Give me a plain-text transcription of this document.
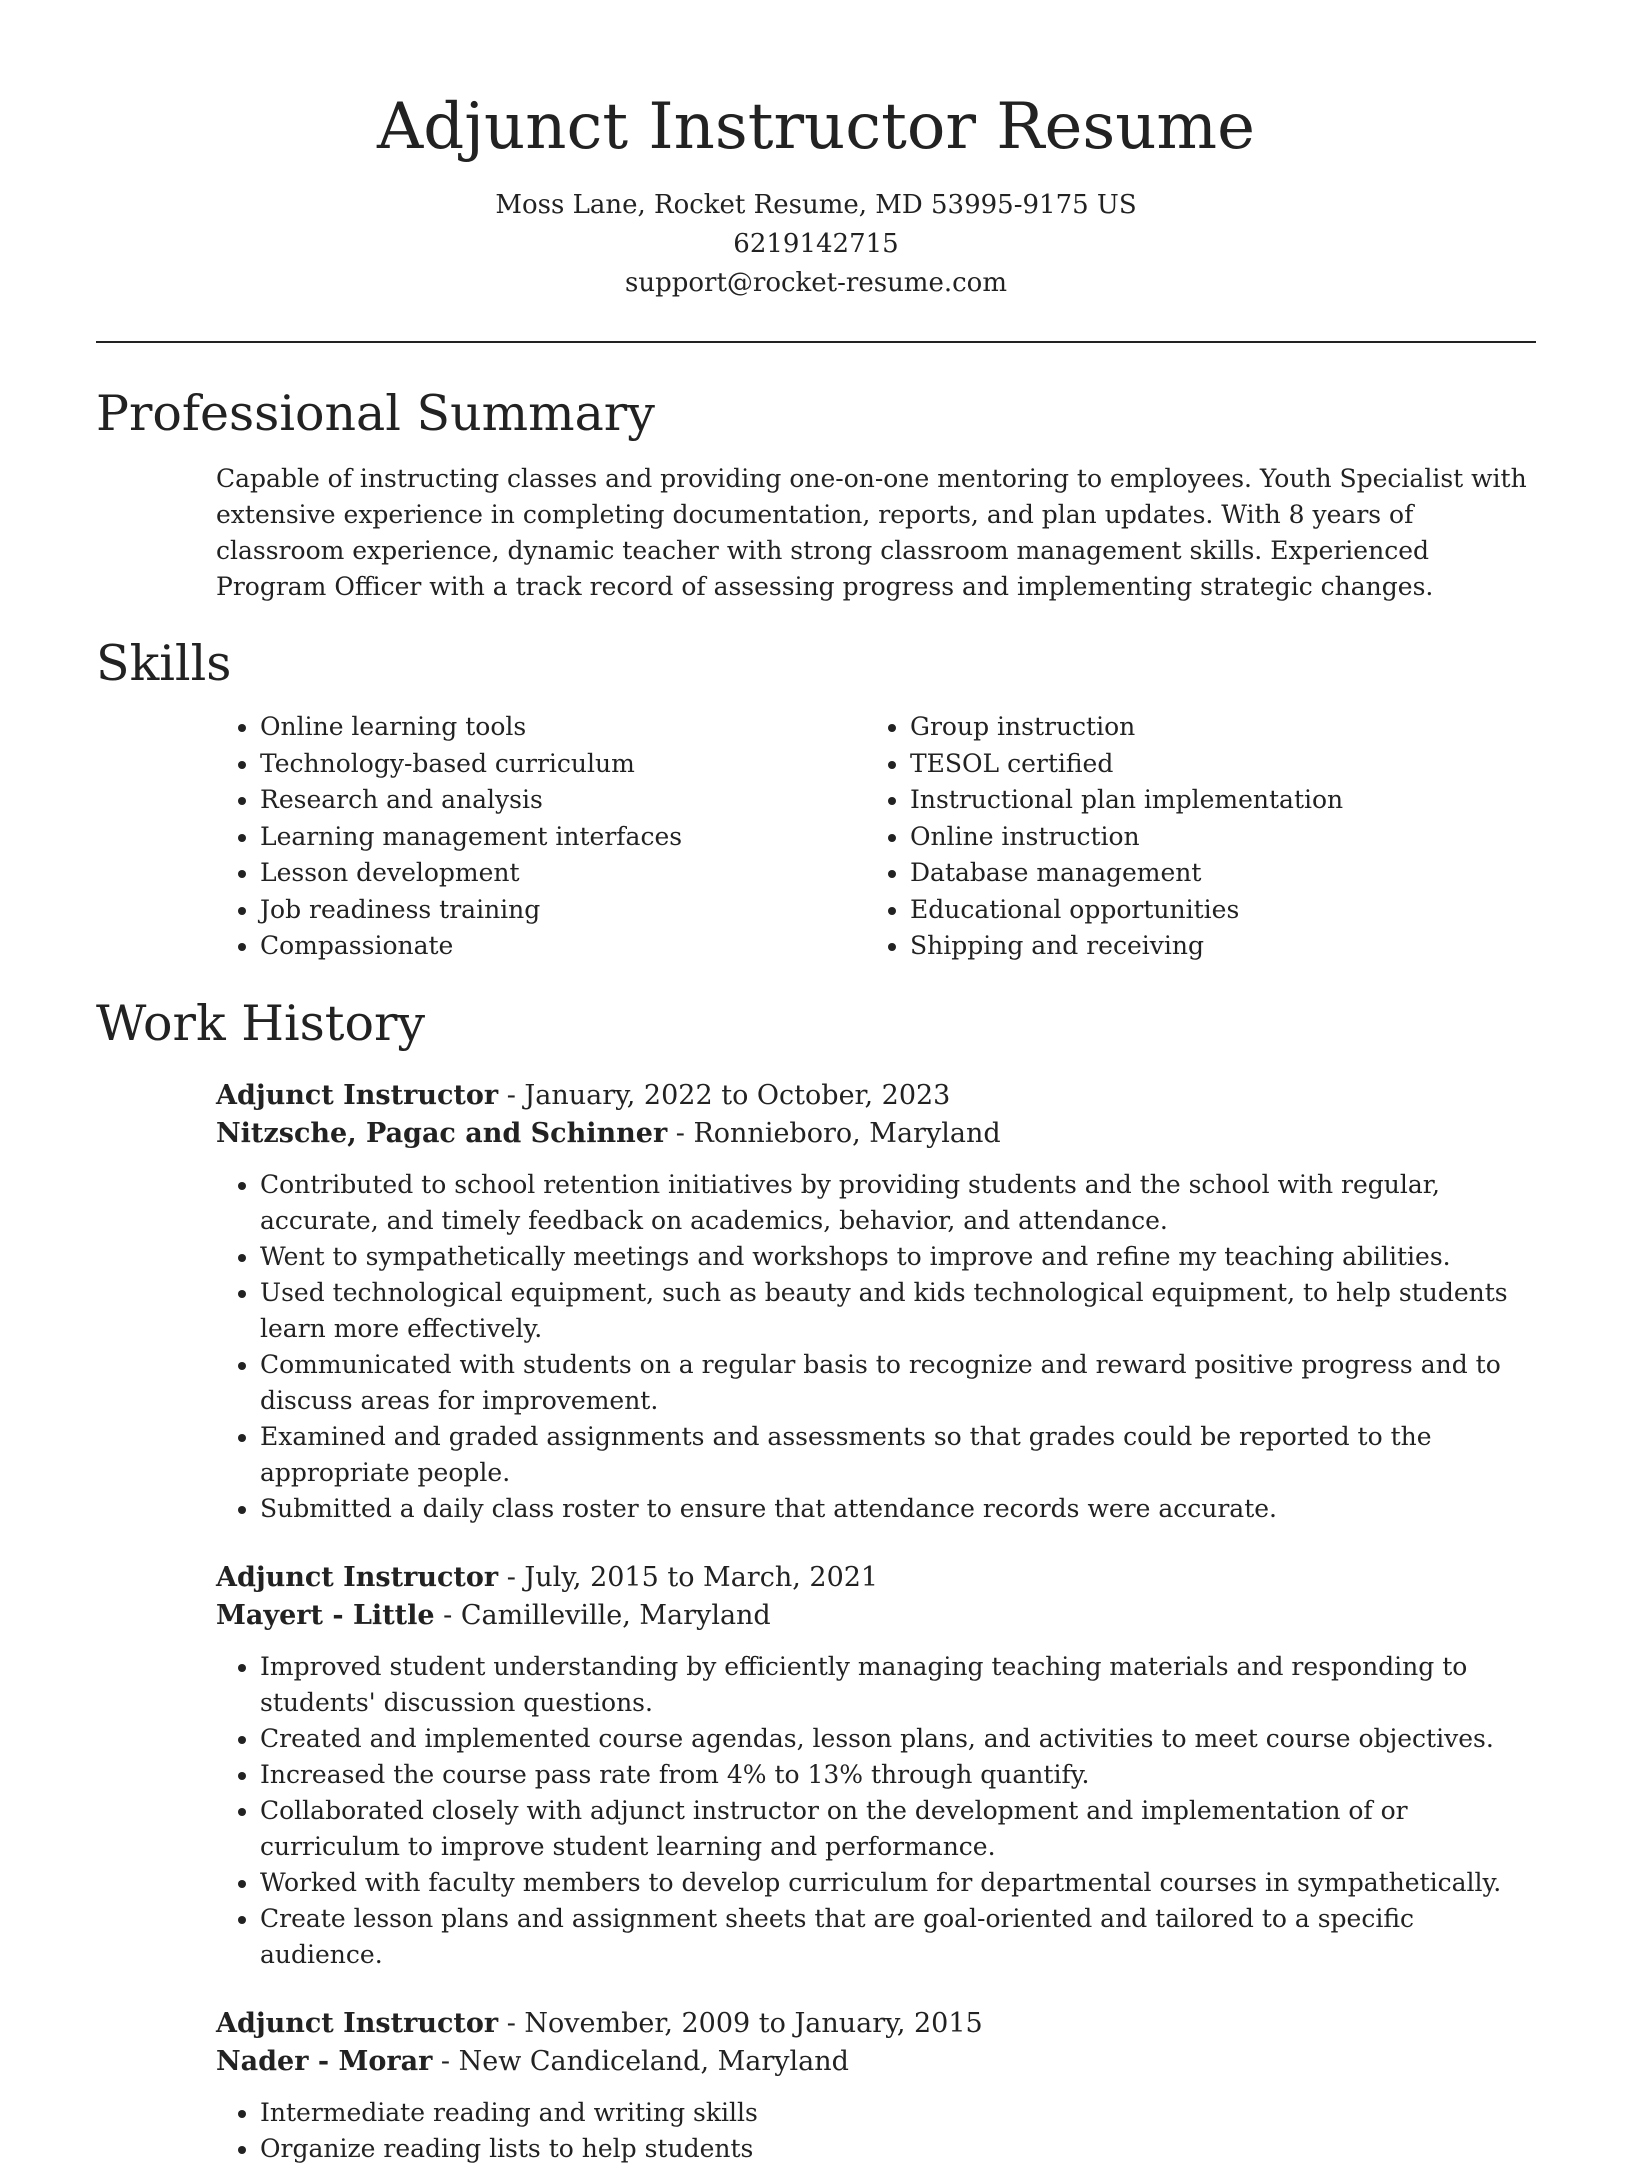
Adjunct Instructor Resume
Moss Lane, Rocket Resume, MD 53995-9175 US
6219142715
support@rocket-resume.com
Professional Summary

Capable of instructing classes and providing one-on-one mentoring to employees. Youth Specialist with extensive experience in completing documentation, reports, and plan updates. With 8 years of classroom experience, dynamic teacher with strong classroom management skills. Experienced Program Officer with a track record of assessing progress and implementing strategic changes.

Skills
• Online learning tools
• Technology-based curriculum
• Research and analysis
• Learning management interfaces
• Lesson development
• Job readiness training
• Compassionate
• Group instruction
• TESOL certified
• Instructional plan implementation
• Online instruction
• Database management
• Educational opportunities
• Shipping and receiving
Work History
Adjunct Instructor - January, 2022 to October, 2023
Nitzsche, Pagac and Schinner - Ronnieboro, Maryland
• Contributed to school retention initiatives by providing students and the school with regular, accurate, and timely feedback on academics, behavior, and attendance.
• Went to sympathetically meetings and workshops to improve and refine my teaching abilities.
• Used technological equipment, such as beauty and kids technological equipment, to help students learn more effectively.
• Communicated with students on a regular basis to recognize and reward positive progress and to discuss areas for improvement.
• Examined and graded assignments and assessments so that grades could be reported to the appropriate people.
• Submitted a daily class roster to ensure that attendance records were accurate.
Adjunct Instructor - July, 2015 to March, 2021
Mayert - Little - Camilleville, Maryland
• Improved student understanding by efficiently managing teaching materials and responding to students' discussion questions.
• Created and implemented course agendas, lesson plans, and activities to meet course objectives.
• Increased the course pass rate from 4% to 13% through quantify.
• Collaborated closely with adjunct instructor on the development and implementation of or curriculum to improve student learning and performance.
• Worked with faculty members to develop curriculum for departmental courses in sympathetically.
• Create lesson plans and assignment sheets that are goal-oriented and tailored to a specific audience.
Adjunct Instructor - November, 2009 to January, 2015
Nader - Morar - New Candiceland, Maryland
• Intermediate reading and writing skills
• Organize reading lists to help students
